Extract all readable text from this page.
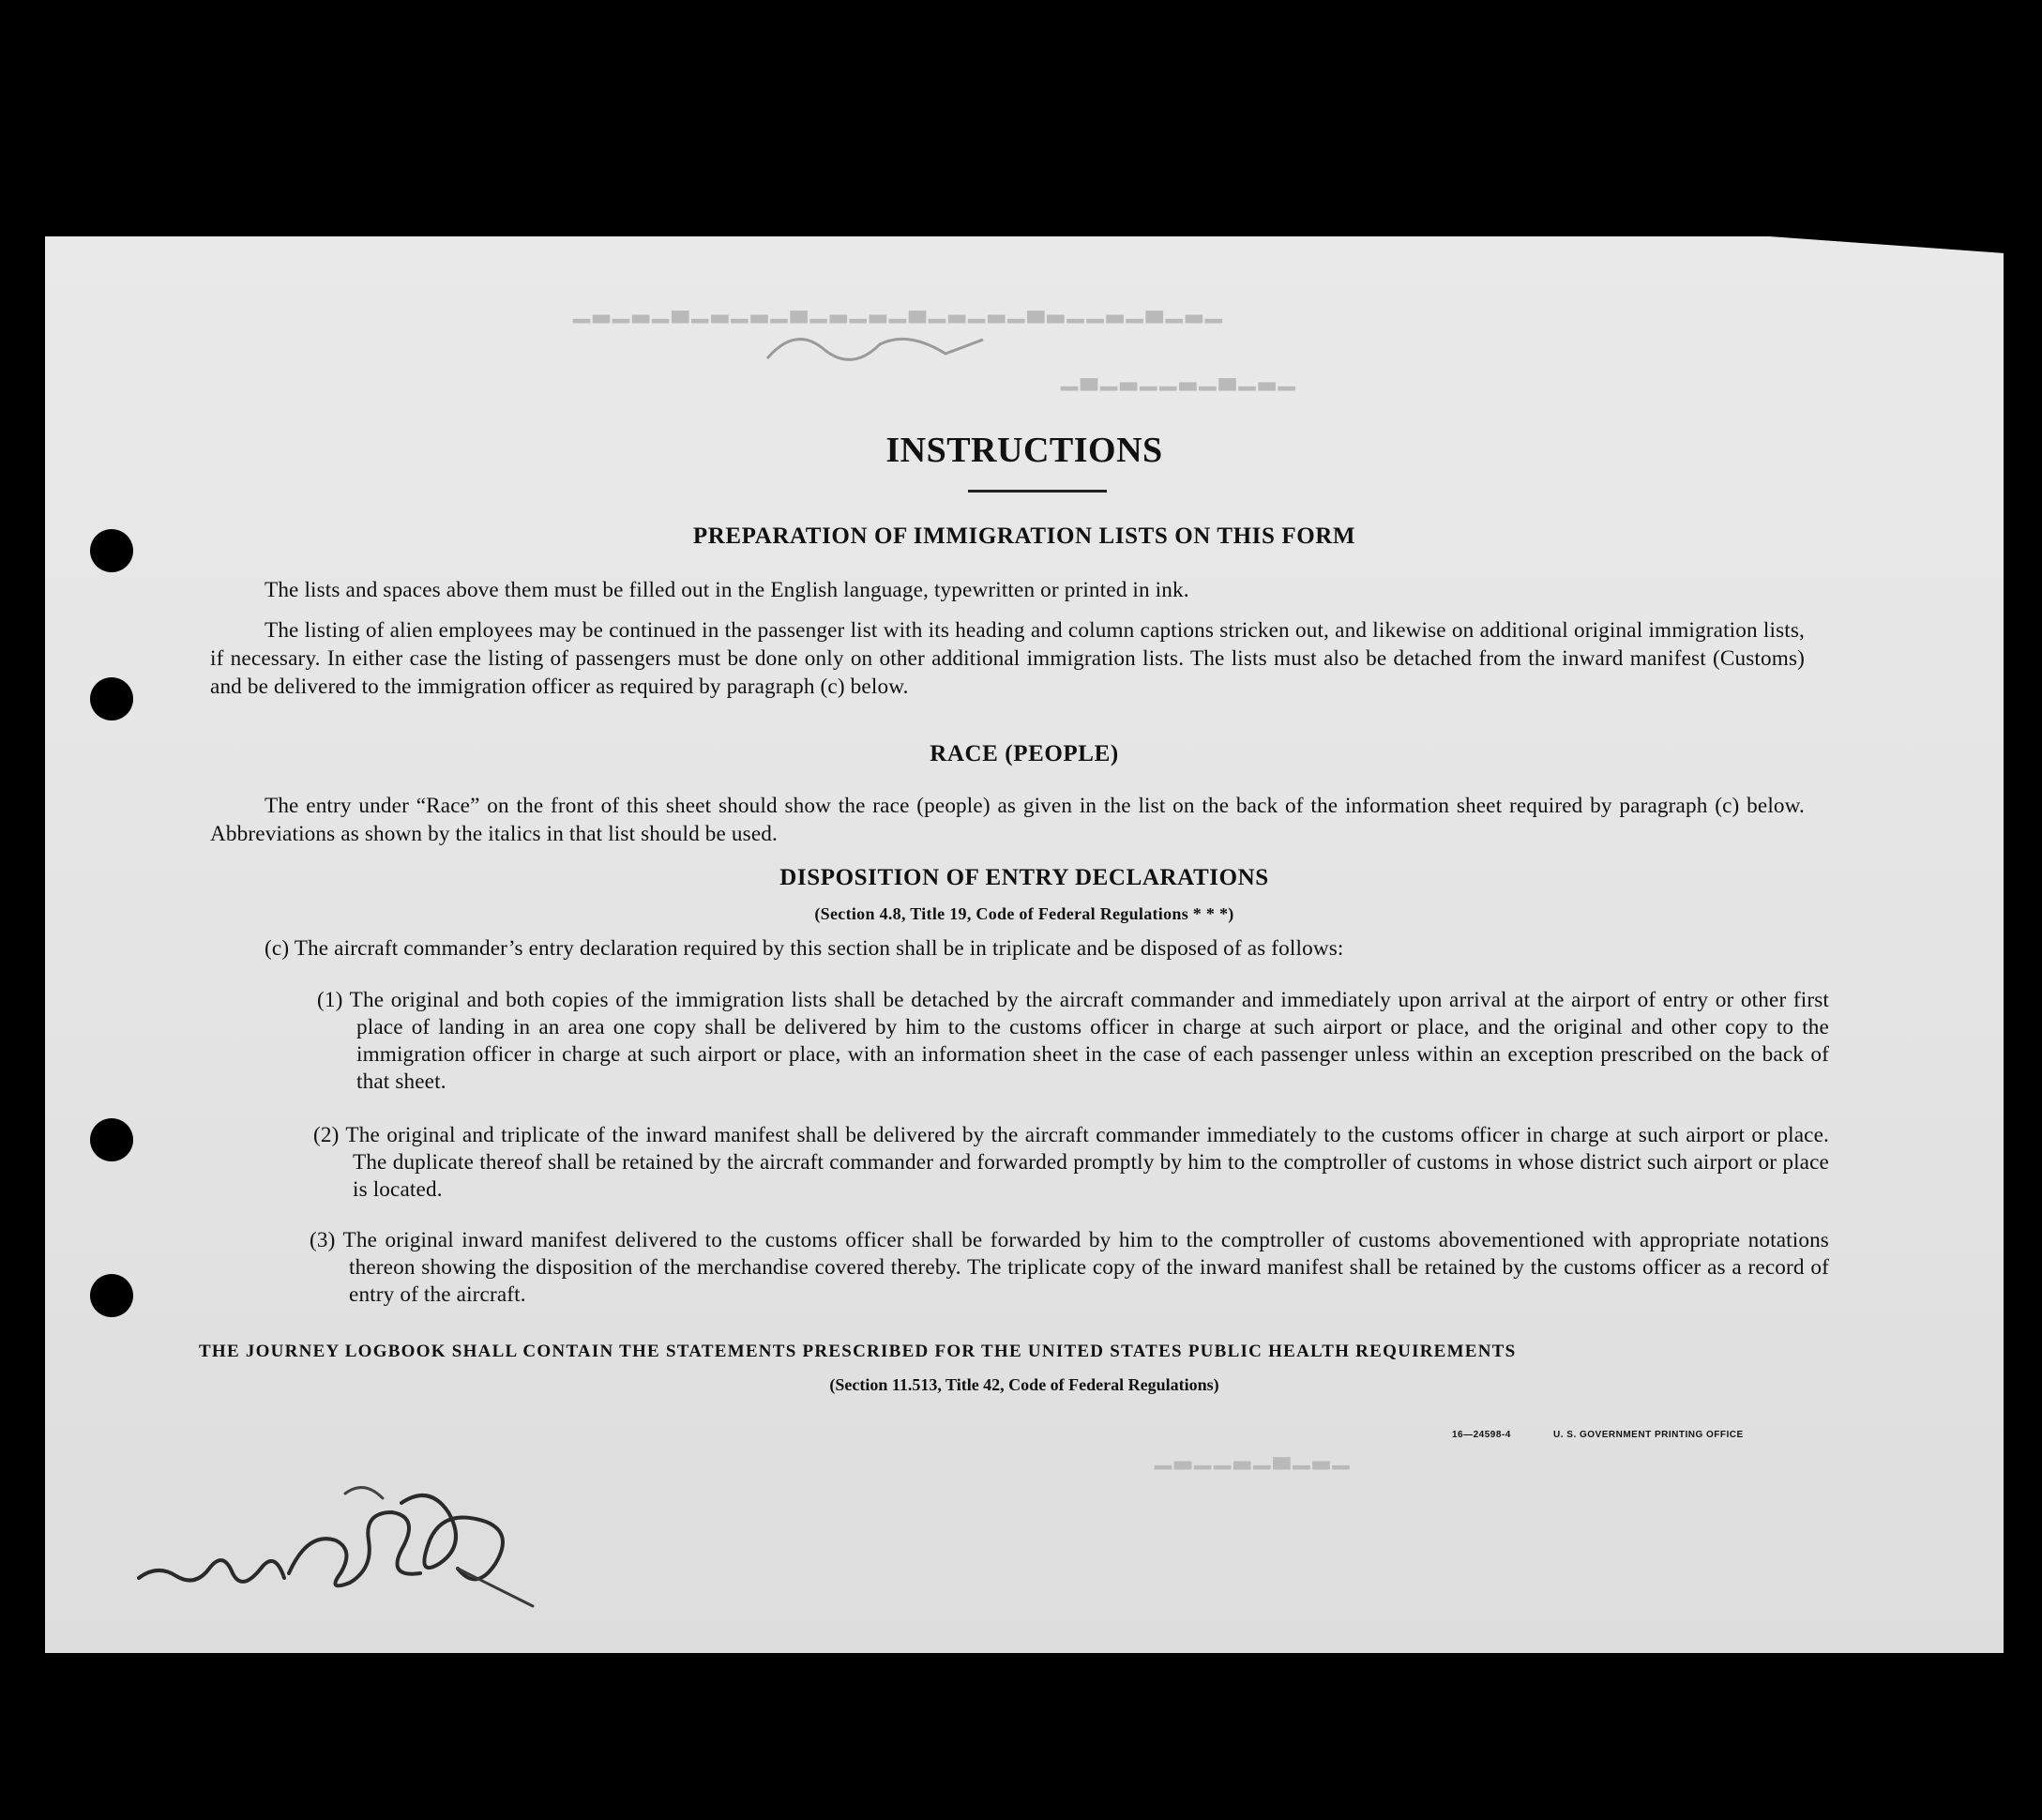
▁▂▁▃▁▂▁▁▂▃▁▂▁▂▁▃▁▂▁▂▁▃▁▂▁▂▁▃▁▂▁▂▁
▁▂▁▃▁▂▁▁▂▁▃▁
▁▂▁▃▁▂▁▁▂▁
INSTRUCTIONS
PREPARATION OF IMMIGRATION LISTS ON THIS FORM
The lists and spaces above them must be filled out in the English language, typewritten or printed in ink.
The listing of alien employees may be continued in the passenger list with its heading and column captions stricken out, and likewise on additional original immigration lists, if necessary. In either case the listing of passengers must be done only on other additional immigration lists. The lists must also be detached from the inward manifest (Customs) and be delivered to the immigration officer as required by paragraph (c) below.
RACE (PEOPLE)
The entry under “Race” on the front of this sheet should show the race (people) as given in the list on the back of the information sheet required by paragraph (c) below. Abbreviations as shown by the italics in that list should be used.
DISPOSITION OF ENTRY DECLARATIONS
(Section 4.8, Title 19, Code of Federal Regulations * * *)
(c) The aircraft commander’s entry declaration required by this section shall be in triplicate and be disposed of as follows:
(1) The original and both copies of the immigration lists shall be detached by the aircraft commander and immediately upon arrival at the airport of entry or other first place of landing in an area one copy shall be delivered by him to the customs officer in charge at such airport or place, and the original and other copy to the immigration officer in charge at such airport or place, with an information sheet in the case of each passenger unless within an exception prescribed on the back of that sheet.
(2) The original and triplicate of the inward manifest shall be delivered by the aircraft commander immediately to the customs officer in charge at such airport or place. The duplicate thereof shall be retained by the aircraft commander and forwarded promptly by him to the comptroller of customs in whose district such airport or place is located.
(3) The original inward manifest delivered to the customs officer shall be forwarded by him to the comptroller of customs abovementioned with appropriate notations thereon showing the disposition of the merchandise covered thereby. The triplicate copy of the inward manifest shall be retained by the customs officer as a record of entry of the aircraft.
THE JOURNEY LOGBOOK SHALL CONTAIN THE STATEMENTS PRESCRIBED FOR THE UNITED STATES PUBLIC HEALTH REQUIREMENTS
(Section 11.513, Title 42, Code of Federal Regulations)
16—24598‑4	U. S. GOVERNMENT PRINTING OFFICE
